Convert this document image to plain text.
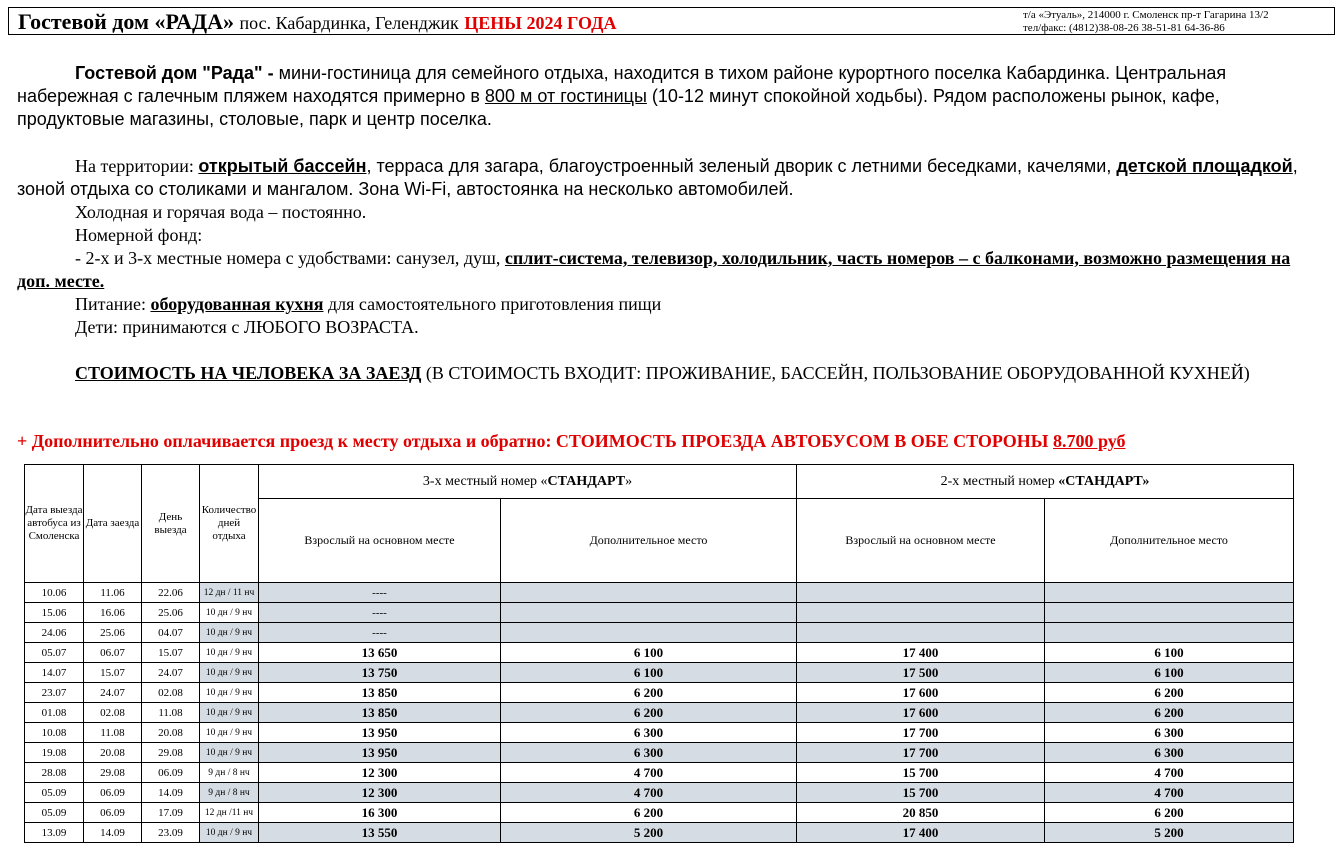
Гостевой дом «РАДА» пос. Кабардинка, Геленджик ЦЕНЫ 2024 ГОДА	т/а «Этуаль», 214000 г. Смоленск пр-т Гагарина 13/2
тел/факс: (4812)38-08-26 38-51-81 64-36-86
Гостевой дом "Рада" - мини-гостиница для семейного отдыха, находится в тихом районе курортного поселка Кабардинка. Центральная набережная с галечным пляжем находятся примерно в 800 м от гостиницы (10-12 минут спокойной ходьбы). Рядом расположены рынок, кафе, продуктовые магазины, столовые, парк и центр поселка.
На территории: открытый бассейн, терраса для загара, благоустроенный зеленый дворик с летними беседками, качелями, детской площадкой, зоной отдыха со столиками и мангалом. Зона Wi-Fi, автостоянка на несколько автомобилей.
Холодная и горячая вода – постоянно.
Номерной фонд:
- 2-х и 3-х местные номера с удобствами: санузел, душ, сплит-система, телевизор, холодильник, часть номеров – с балконами, возможно размещения на доп. месте.
Питание: оборудованная кухня для самостоятельного приготовления пищи
Дети: принимаются с ЛЮБОГО ВОЗРАСТА.
СТОИМОСТЬ НА ЧЕЛОВЕКА ЗА ЗАЕЗД (В СТОИМОСТЬ ВХОДИТ: ПРОЖИВАНИЕ, БАССЕЙН, ПОЛЬЗОВАНИЕ ОБОРУДОВАННОЙ КУХНЕЙ)
+ Дополнительно оплачивается проезд к месту отдыха и обратно: СТОИМОСТЬ ПРОЕЗДА АВТОБУСОМ В ОБЕ СТОРОНЫ 8.700 руб
Дата выезда автобуса из Смоленска	Дата заезда	День выезда	Количество дней отдыха	3-х местный номер «СТАНДАРТ»		2-х местный номер «СТАНДАРТ»	
				Взрослый на основном месте	Дополнительное место	Взрослый на основном месте	Дополнительное место
10.06	11.06	22.06	12 дн / 11 нч	----			
15.06	16.06	25.06	10 дн / 9 нч	----			
24.06	25.06	04.07	10 дн / 9 нч	----			
05.07	06.07	15.07	10 дн / 9 нч	13 650	6 100	17 400	6 100
14.07	15.07	24.07	10 дн / 9 нч	13 750	6 100	17 500	6 100
23.07	24.07	02.08	10 дн / 9 нч	13 850	6 200	17 600	6 200
01.08	02.08	11.08	10 дн / 9 нч	13 850	6 200	17 600	6 200
10.08	11.08	20.08	10 дн / 9 нч	13 950	6 300	17 700	6 300
19.08	20.08	29.08	10 дн / 9 нч	13 950	6 300	17 700	6 300
28.08	29.08	06.09	9 дн / 8 нч	12 300	4 700	15 700	4 700
05.09	06.09	14.09	9 дн / 8 нч	12 300	4 700	15 700	4 700
05.09	06.09	17.09	12 дн /11 нч	16 300	6 200	20 850	6 200
13.09	14.09	23.09	10 дн / 9 нч	13 550	5 200	17 400	5 200
